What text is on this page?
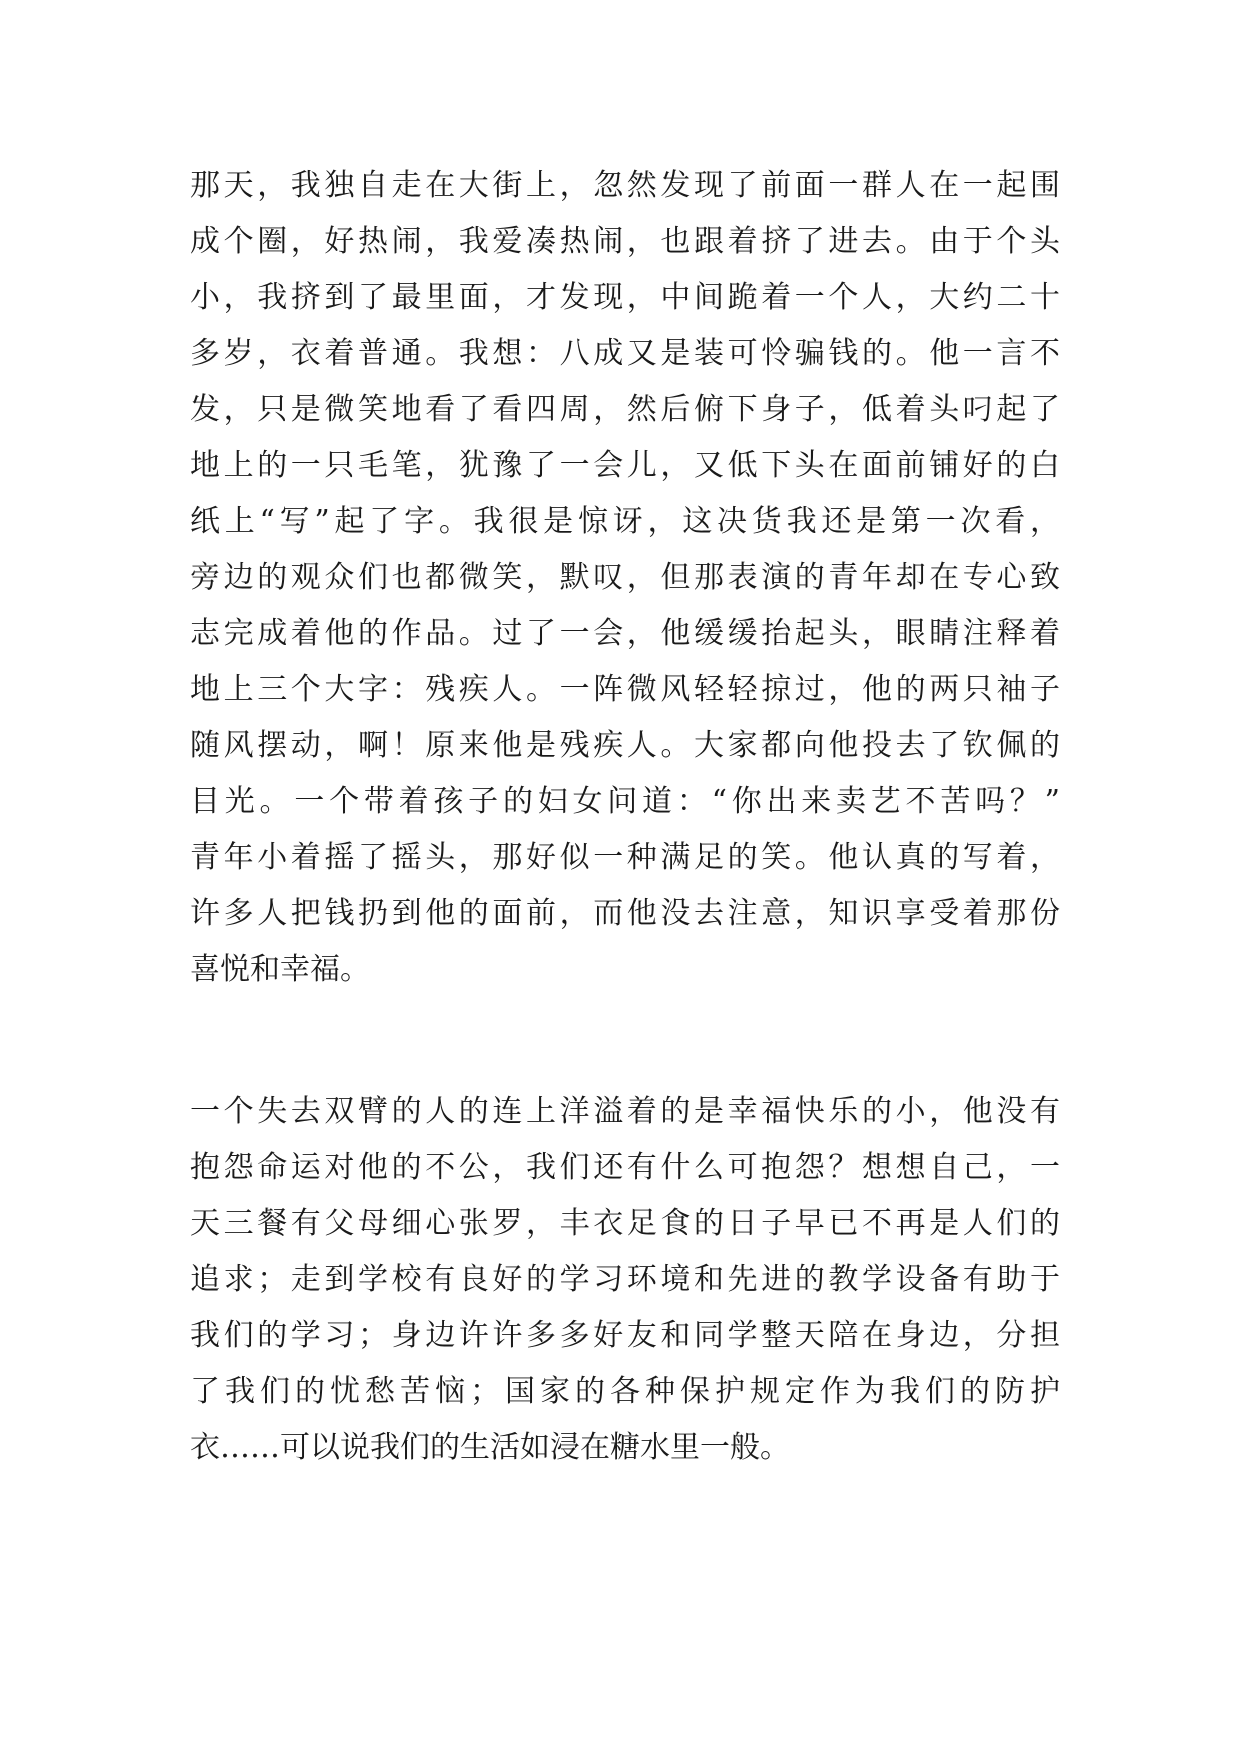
那天，我独自走在大街上，忽然发现了前面一群人在一起围
成个圈，好热闹，我爱凑热闹，也跟着挤了进去。由于个头
小，我挤到了最里面，才发现，中间跪着一个人，大约二十
多岁，衣着普通。我想：八成又是装可怜骗钱的。他一言不
发，只是微笑地看了看四周，然后俯下身子，低着头叼起了
地上的一只毛笔，犹豫了一会儿，又低下头在面前铺好的白
纸上“写”起了字。我很是惊讶，这决货我还是第一次看，
旁边的观众们也都微笑，默叹，但那表演的青年却在专心致
志完成着他的作品。过了一会，他缓缓抬起头，眼睛注释着
地上三个大字：残疾人。一阵微风轻轻掠过，他的两只袖子
随风摆动，啊！原来他是残疾人。大家都向他投去了钦佩的
目光。一个带着孩子的妇女问道：“你出来卖艺不苦吗？”
青年小着摇了摇头，那好似一种满足的笑。他认真的写着，
许多人把钱扔到他的面前，而他没去注意，知识享受着那份
喜悦和幸福。
一个失去双臂的人的连上洋溢着的是幸福快乐的小，他没有
抱怨命运对他的不公，我们还有什么可抱怨？想想自己，一
天三餐有父母细心张罗，丰衣足食的日子早已不再是人们的
追求；走到学校有良好的学习环境和先进的教学设备有助于
我们的学习；身边许许多多好友和同学整天陪在身边，分担
了我们的忧愁苦恼；国家的各种保护规定作为我们的防护
衣……可以说我们的生活如浸在糖水里一般。
